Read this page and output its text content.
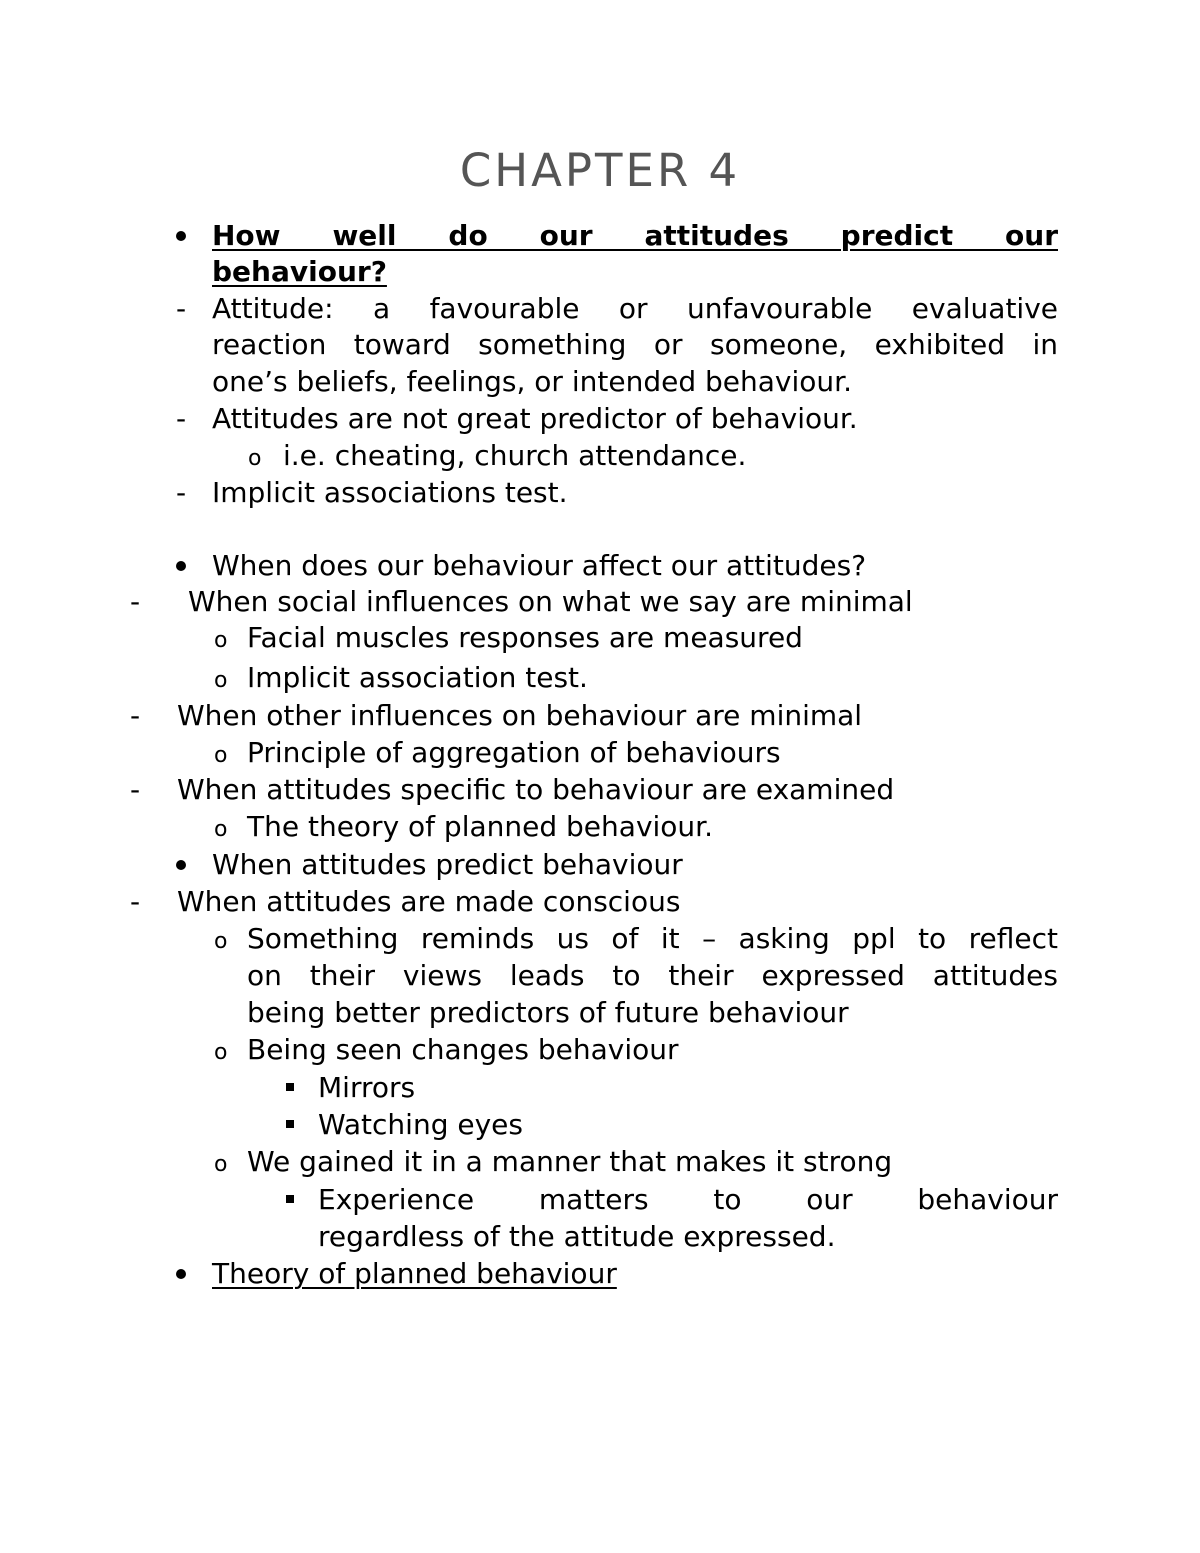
CHAPTER 4
How well do our attitudes predict our
behaviour?
- Attitude: a favourable or unfavourable evaluative
reaction toward something or someone, exhibited in
one’s beliefs, feelings, or intended behaviour.
- Attitudes are not great predictor of behaviour.
o i.e. cheating, church attendance.
- Implicit associations test.
When does our behaviour affect our attitudes?
- When social influences on what we say are minimal
o Facial muscles responses are measured
o Implicit association test.
- When other influences on behaviour are minimal
o Principle of aggregation of behaviours
- When attitudes specific to behaviour are examined
o The theory of planned behaviour.
When attitudes predict behaviour
- When attitudes are made conscious
o Something reminds us of it – asking ppl to reflect
on their views leads to their expressed attitudes
being better predictors of future behaviour
o Being seen changes behaviour
Mirrors
Watching eyes
o We gained it in a manner that makes it strong
Experience matters to our behaviour
regardless of the attitude expressed.
Theory of planned behaviour
